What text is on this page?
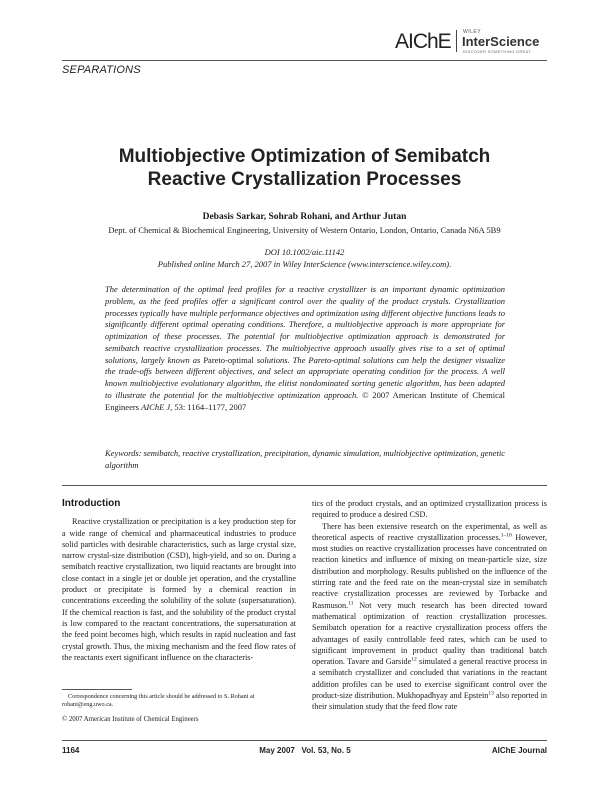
AIChE WILEY
InterScience
DISCOVER SOMETHING GREAT
SEPARATIONS
Multiobjective Optimization of Semibatch
Reactive Crystallization Processes
Debasis Sarkar, Sohrab Rohani, and Arthur Jutan
Dept. of Chemical & Biochemical Engineering, University of Western Ontario, London, Ontario, Canada N6A 5B9
DOI 10.1002/aic.11142
Published online March 27, 2007 in Wiley InterScience (www.interscience.wiley.com).
The determination of the optimal feed profiles for a reactive crystallizer is an important dynamic optimization problem, as the feed profiles offer a significant control over the quality of the product crystals. Crystallization processes typically have multiple performance objectives and optimization using different objective functions leads to significantly different optimal operating conditions. Therefore, a multiobjective approach is more appropriate for optimization of these processes. The potential for multiobjective optimization approach is demonstrated for semibatch reactive crystallization processes. The multiobjective approach usually gives rise to a set of optimal solutions, largely known as Pareto-optimal solutions. The Pareto-optimal solutions can help the designer visualize the trade-offs between different objectives, and select an appropriate operating condition for the process. A well known multiobjective evolutionary algorithm, the elitist nondominated sorting genetic algorithm, has been adapted to illustrate the potential for the multiobjective optimization approach. © 2007 American Institute of Chemical Engineers AIChE J, 53: 1164–1177, 2007
Keywords: semibatch, reactive crystallization, precipitation, dynamic simulation, multiobjective optimization, genetic algorithm
Introduction

Reactive crystallization or precipitation is a key production step for a wide range of chemical and pharmaceutical industries to produce solid particles with desirable characteristics, such as large crystal size, narrow crystal-size distribution (CSD), high-yield, and so on. During a semibatch reactive crystallization, two liquid reactants are brought into close contact in a single jet or double jet operation, and the crystalline product or precipitate is formed by a chemical reaction in concentrations exceeding the solubility of the solute (supersaturation). If the chemical reaction is fast, and the solubility of the product crystal is low compared to the reactant concentrations, the supersaturation at the feed point becomes high, which results in rapid nucleation and fast crystal growth. Thus, the mixing mechanism and the feed flow rates of the reactants exert significant influence on the characteris-

tics of the product crystals, and an optimized crystallization process is required to produce a desired CSD.

There has been extensive research on the experimental, as well as theoretical aspects of reactive crystallization processes.$^{1-10}$ However, most studies on reactive crystallization processes have concentrated on reaction kinetics and influence of mixing on mean-particle size, size distribution and morphology. Results published on the influence of the stirring rate and the feed rate on the mean-crystal size in semibatch reactive crystallization processes are reviewed by Torbacke and Rasmuson.$^{11}$ Not very much research has been directed toward mathematical optimization of reaction crystallization processes. Semibatch operation for a reactive crystallization process offers the advantages of easily controllable feed rates, which can be used to significant improvement in product quality than traditional batch operation. Tavare and Garside$^{12}$ simulated a general reactive process in a semibatch crystallizer and concluded that variations in the reactant addition profiles can be used to exercise significant control over the product-size distribution. Mukhopadhyay and Epstein$^{13}$ also reported in their simulation study that the feed flow rate

Correspondence concerning this article should be addressed to S. Rohani at rohani@eng.uwo.ca.
© 2007 American Institute of Chemical Engineers
1164	May 2007   Vol. 53, No. 5	AIChE Journal
